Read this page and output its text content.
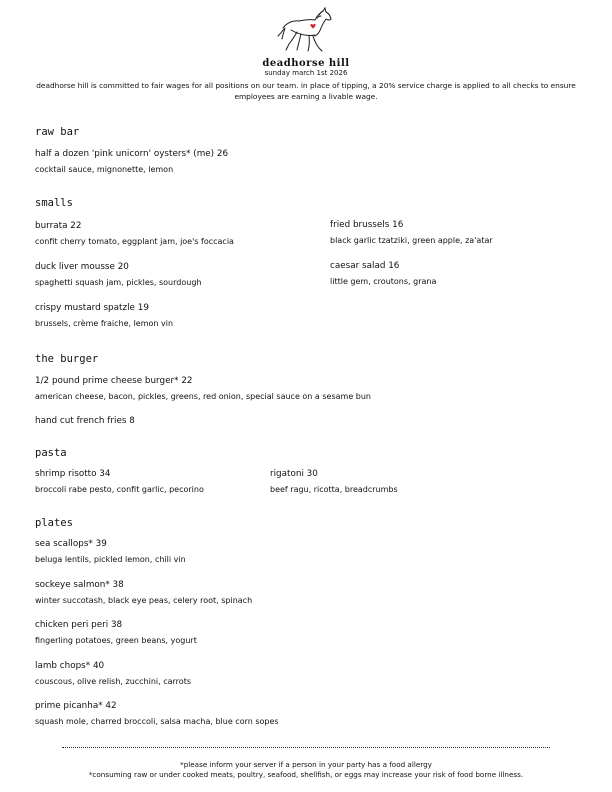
deadhorse hill
sunday march 1st 2026
deadhorse hill is committed to fair wages for all positions on our team. in place of tipping, a 20% service charge is applied to all checks to ensure employees are earning a livable wage.
raw bar
half a dozen 'pink unicorn' oysters* (me) 26
cocktail sauce, mignonette, lemon
smalls
burrata 22
confit cherry tomato, eggplant jam, joe's foccacia
fried brussels 16
black garlic tzatziki, green apple, za'atar
duck liver mousse 20
spaghetti squash jam, pickles, sourdough
caesar salad 16
little gem, croutons, grana
crispy mustard spatzle 19
brussels, crème fraiche, lemon vin
the burger
1/2 pound prime cheese burger* 22
american cheese, bacon, pickles, greens, red onion, special sauce on a sesame bun
hand cut french fries 8
pasta
shrimp risotto 34
broccoli rabe pesto, confit garlic, pecorino
rigatoni 30
beef ragu, ricotta, breadcrumbs
plates
sea scallops* 39
beluga lentils, pickled lemon, chili vin
sockeye salmon* 38
winter succotash, black eye peas, celery root, spinach
chicken peri peri 38
fingerling potatoes, green beans, yogurt
lamb chops* 40
couscous, olive relish, zucchini, carrots
prime picanha* 42
squash mole, charred broccoli, salsa macha, blue corn sopes
*please inform your server if a person in your party has a food allergy
*consuming raw or under cooked meats, poultry, seafood, shellfish, or eggs may increase your risk of food borne illness.
